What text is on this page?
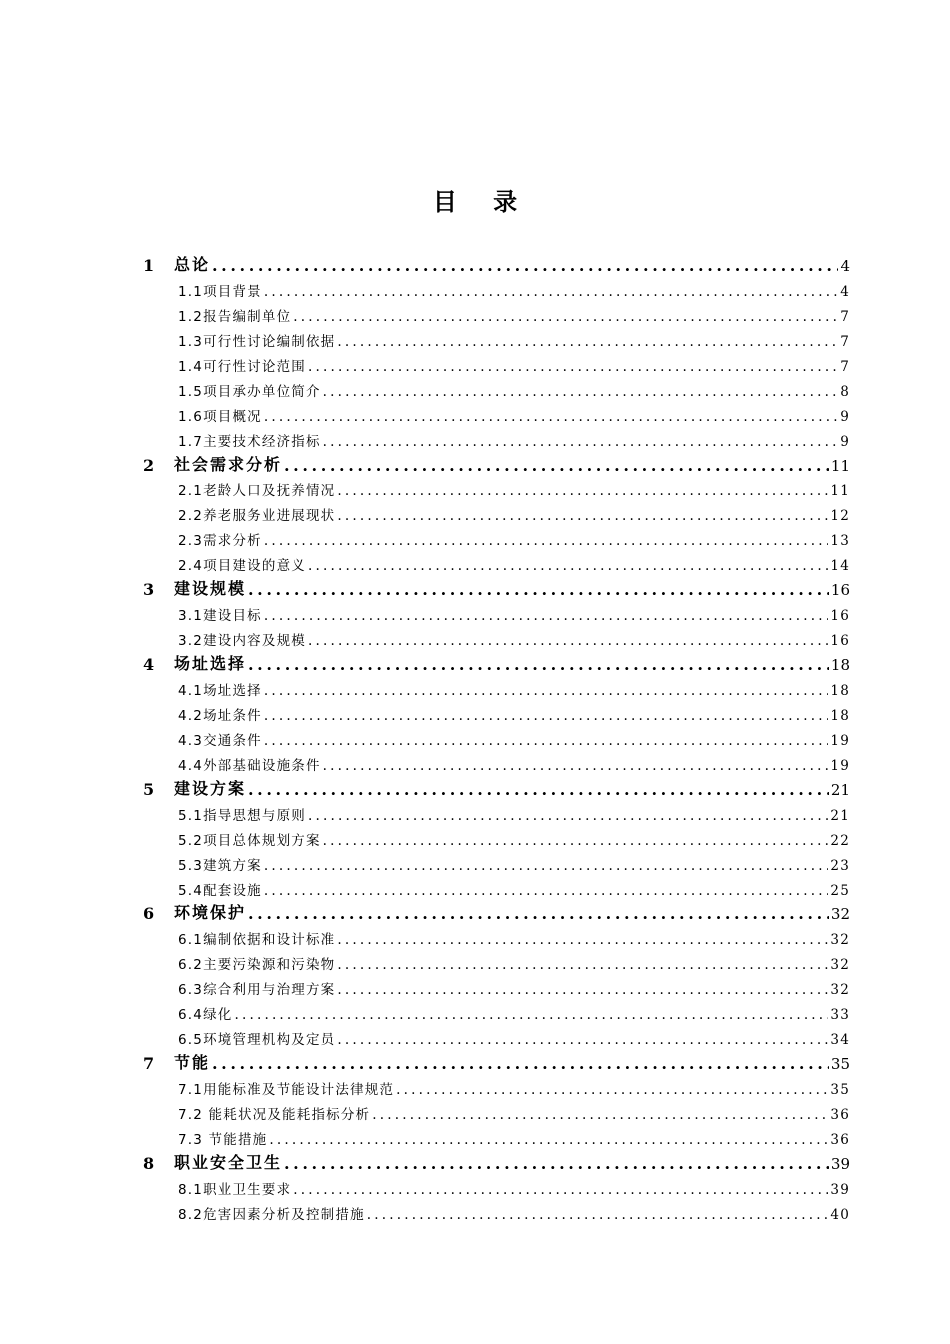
目 录
1	总论 .....	4
1.1项目背景 .....	4
1.2报告编制单位 .....	7
1.3可行性讨论编制依据 .....	7
1.4可行性讨论范围 .....	7
1.5项目承办单位简介 .....	8
1.6项目概况 .....	9
1.7主要技术经济指标 .....	9
2	社会需求分析 .....	11
2.1老龄人口及抚养情况 .....	11
2.2养老服务业进展现状 .....	12
2.3需求分析 .....	13
2.4项目建设的意义 .....	14
3	建设规模 .....	16
3.1建设目标 .....	16
3.2建设内容及规模 .....	16
4	场址选择 .....	18
4.1场址选择 .....	18
4.2场址条件 .....	18
4.3交通条件 .....	19
4.4外部基础设施条件 .....	19
5	建设方案 .....	21
5.1指导思想与原则 .....	21
5.2项目总体规划方案 .....	22
5.3建筑方案 .....	23
5.4配套设施 .....	25
6	环境保护 .....	32
6.1编制依据和设计标准 .....	32
6.2主要污染源和污染物 .....	32
6.3综合利用与治理方案 .....	32
6.4绿化 .....	33
6.5环境管理机构及定员 .....	34
7	节能 .....	35
7.1用能标准及节能设计法律规范 .....	35
7.2 能耗状况及能耗指标分析 .....	36
7.3 节能措施 .....	36
8	职业安全卫生 .....	39
8.1职业卫生要求 .....	39
8.2危害因素分析及控制措施 .....	40
